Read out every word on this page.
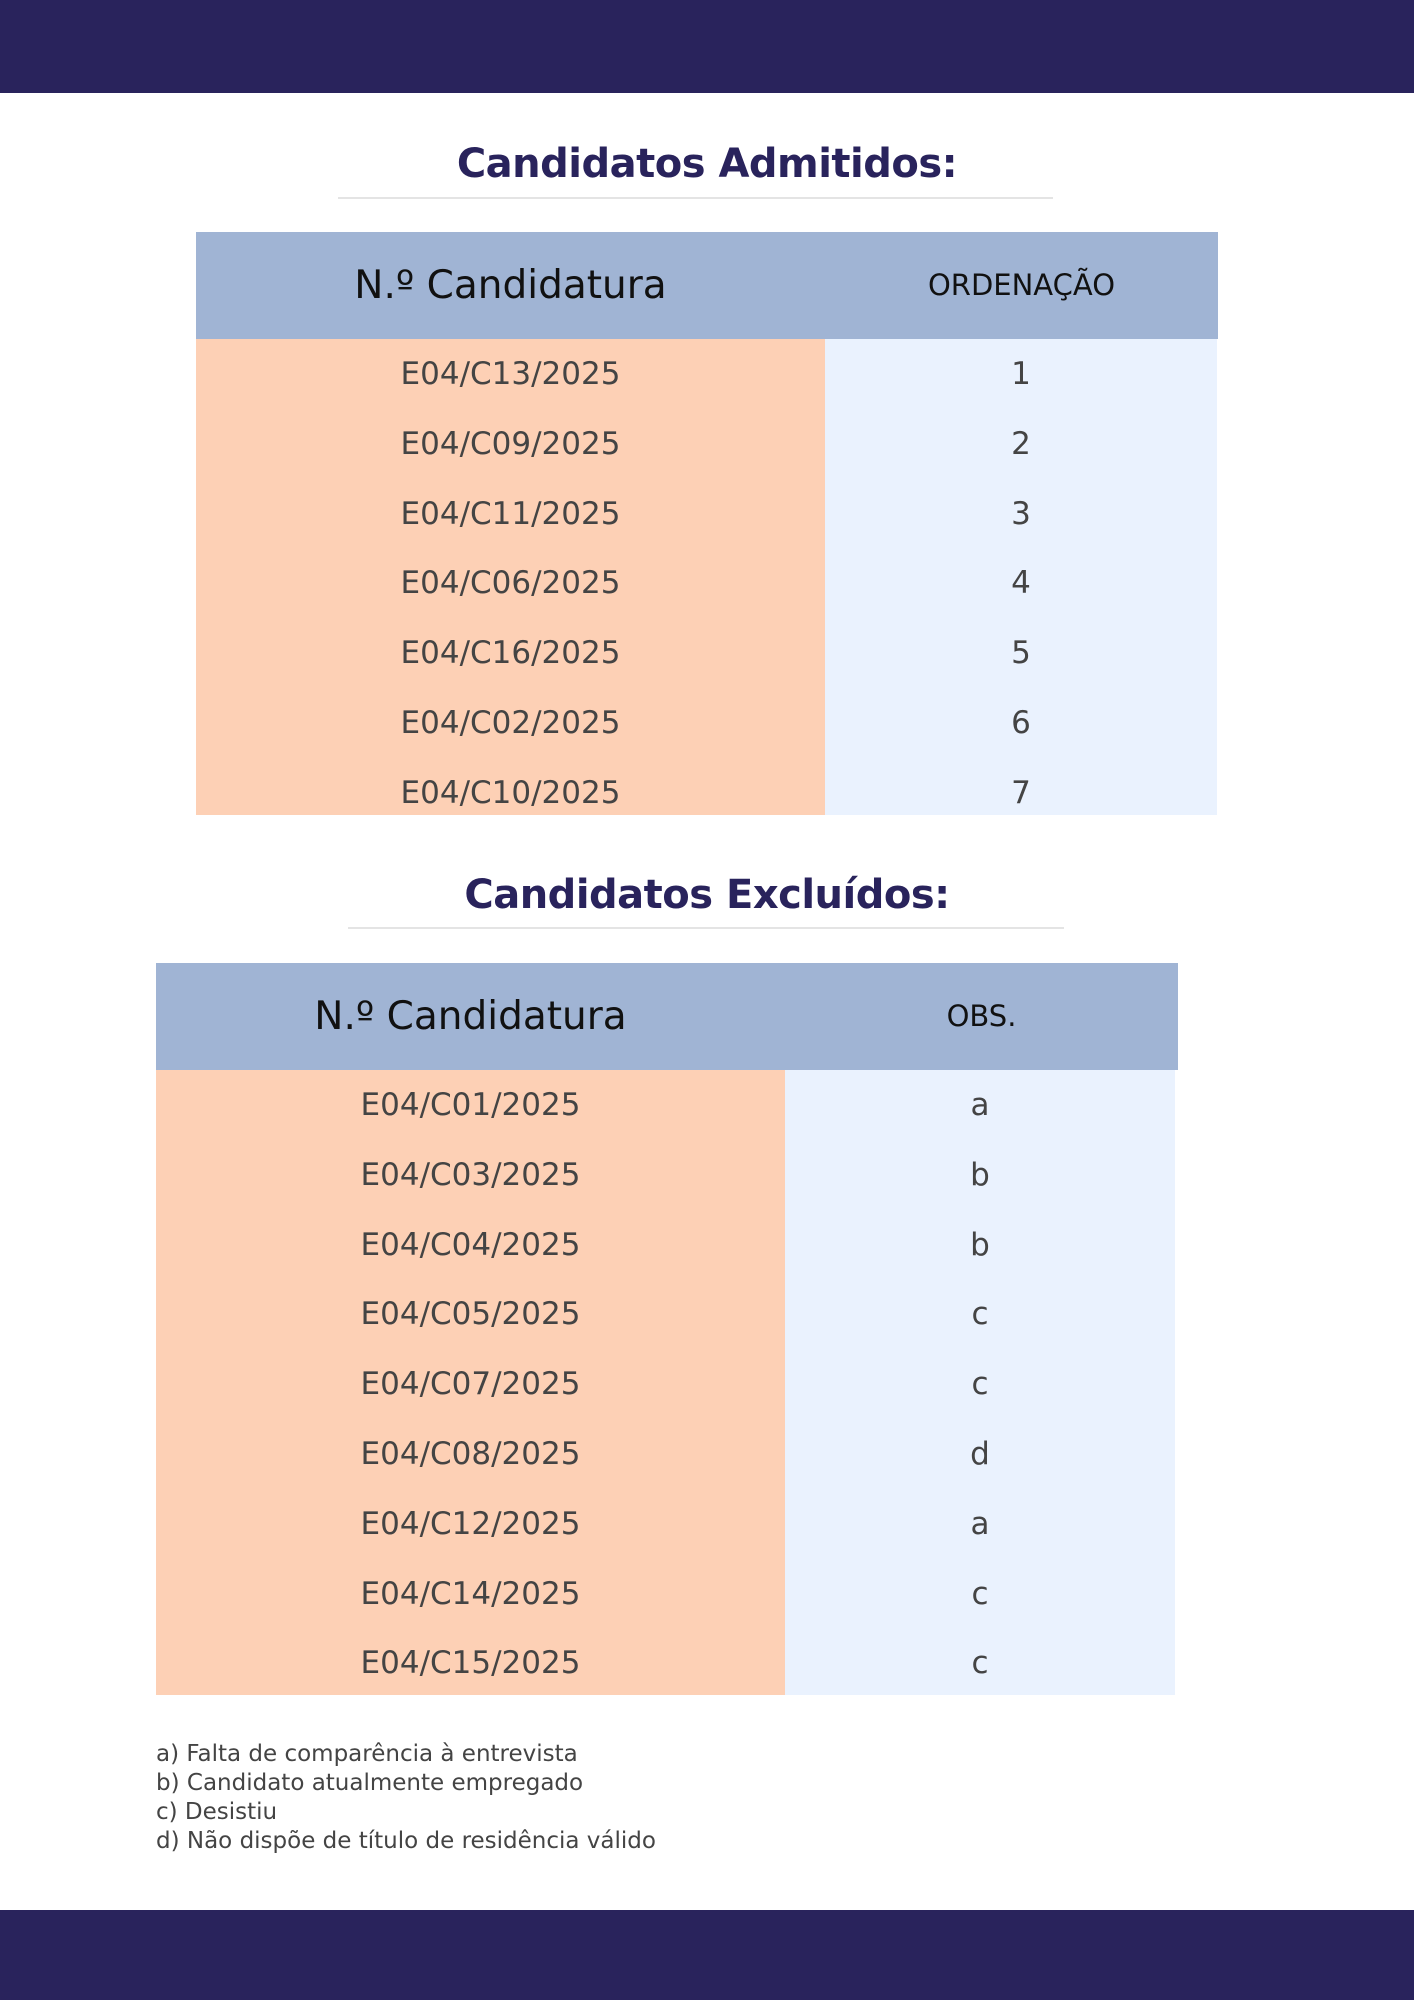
Candidatos Admitidos:
N.º Candidatura	ORDENAÇÃO
E04/C13/2025
E04/C09/2025
E04/C11/2025
E04/C06/2025
E04/C16/2025
E04/C02/2025
E04/C10/2025
1
2
3
4
5
6
7
Candidatos Excluídos:
N.º Candidatura	OBS.
E04/C01/2025
E04/C03/2025
E04/C04/2025
E04/C05/2025
E04/C07/2025
E04/C08/2025
E04/C12/2025
E04/C14/2025
E04/C15/2025
a
b
b
c
c
d
a
c
c
a) Falta de comparência à entrevista
b) Candidato atualmente empregado
c) Desistiu
d) Não dispõe de título de residência válido
